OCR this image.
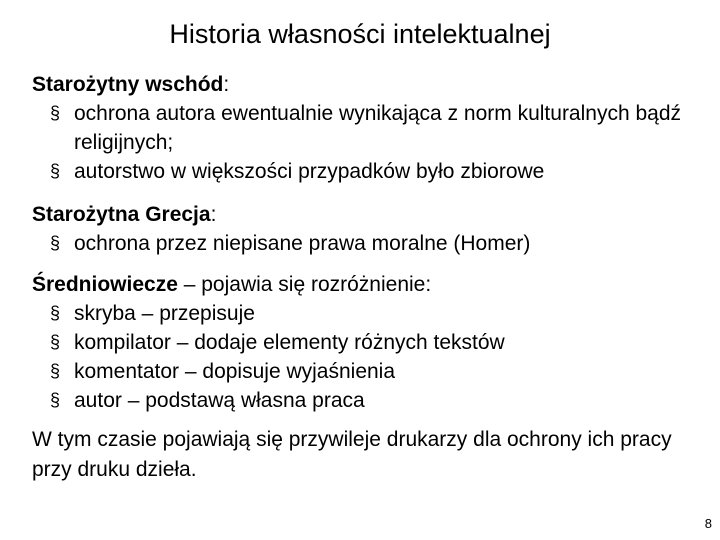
Historia własności intelektualnej

Starożytny wschód:

§ ochrona autora ewentualnie wynikająca z norm kulturalnych bądź religijnych;
§ autorstwo w większości przypadków było zbiorowe

Starożytna Grecja:

§ ochrona przez niepisane prawa moralne (Homer)

Średniowiecze – pojawia się rozróżnienie:

§ skryba – przepisuje
§ kompilator – dodaje elementy różnych tekstów
§ komentator – dopisuje wyjaśnienia
§ autor – podstawą własna praca
W tym czasie pojawiają się przywileje drukarzy dla ochrony ich pracy przy druku dzieła.
8
